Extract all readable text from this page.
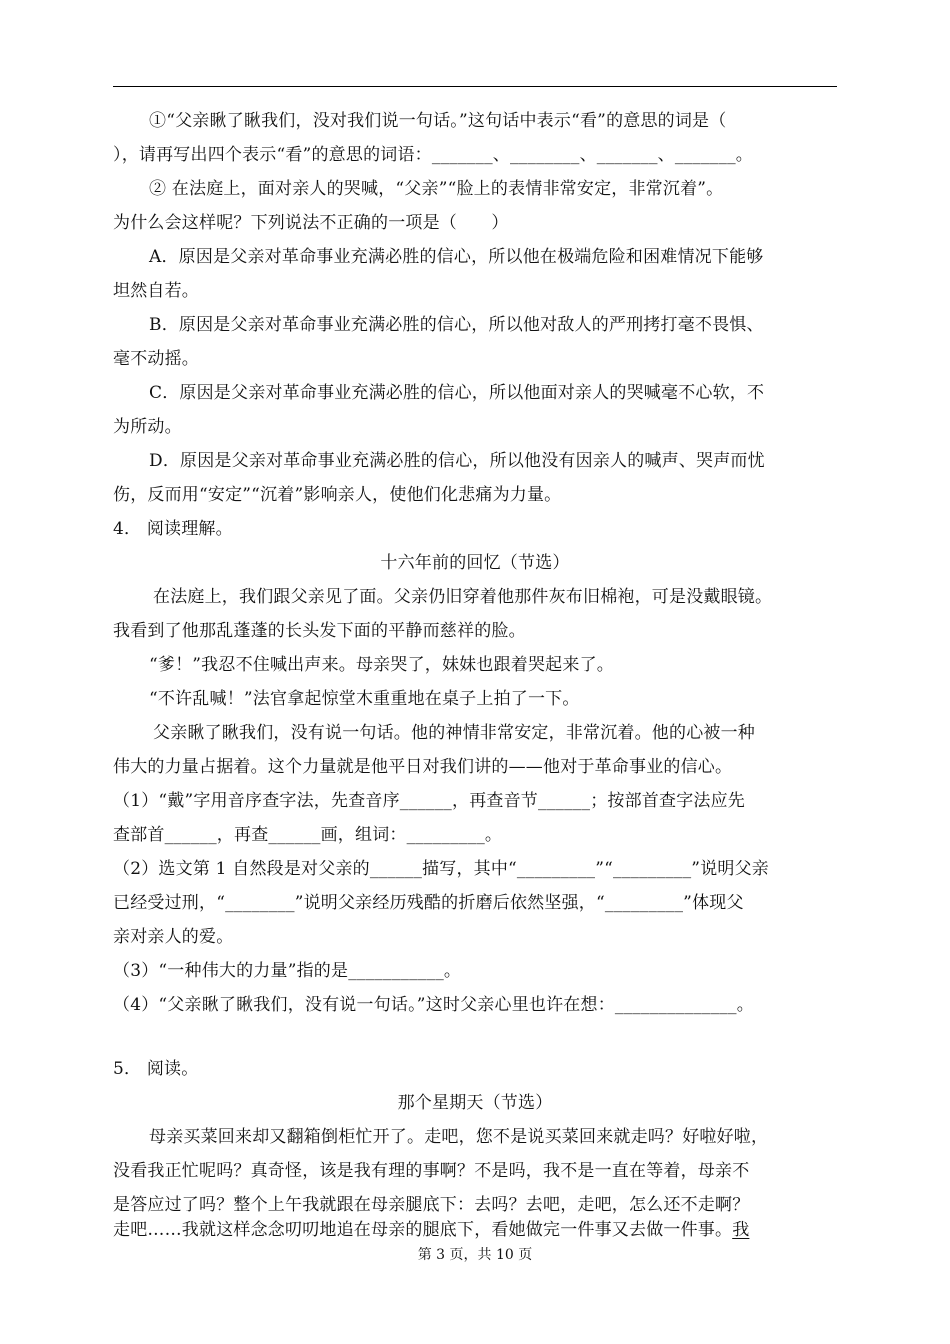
①“父亲瞅了瞅我们，没对我们说一句话。”这句话中表示“看”的意思的词是（
），请再写出四个表示“看”的意思的词语：_______、________、_______、_______。
② 在法庭上，面对亲人的哭喊，“父亲”“脸上的表情非常安定，非常沉着”。
为什么会这样呢？下列说法不正确的一项是（　　）
A．原因是父亲对革命事业充满必胜的信心，所以他在极端危险和困难情况下能够
坦然自若。
B．原因是父亲对革命事业充满必胜的信心，所以他对敌人的严刑拷打毫不畏惧、
毫不动摇。
C．原因是父亲对革命事业充满必胜的信心，所以他面对亲人的哭喊毫不心软，不
为所动。
D．原因是父亲对革命事业充满必胜的信心，所以他没有因亲人的喊声、哭声而忧
伤，反而用“安定”“沉着”影响亲人，使他们化悲痛为力量。
4． 阅读理解。
十六年前的回忆（节选）
在法庭上，我们跟父亲见了面。父亲仍旧穿着他那件灰布旧棉袍，可是没戴眼镜。
我看到了他那乱蓬蓬的长头发下面的平静而慈祥的脸。
“爹！”我忍不住喊出声来。母亲哭了，妹妹也跟着哭起来了。
“不许乱喊！”法官拿起惊堂木重重地在桌子上拍了一下。
父亲瞅了瞅我们，没有说一句话。他的神情非常安定，非常沉着。他的心被一种
伟大的力量占据着。这个力量就是他平日对我们讲的——他对于革命事业的信心。
（1）“戴”字用音序查字法，先查音序______，再查音节______；按部首查字法应先
查部首______，再查______画，组词：_________。
（2）选文第 1 自然段是对父亲的______描写，其中“_________”“_________”说明父亲
已经受过刑，“________”说明父亲经历残酷的折磨后依然坚强，“_________”体现父
亲对亲人的爱。
（3）“一种伟大的力量”指的是___________。
（4）“父亲瞅了瞅我们，没有说一句话。”这时父亲心里也许在想：______________。
5． 阅读。
那个星期天（节选）
母亲买菜回来却又翻箱倒柜忙开了。走吧，您不是说买菜回来就走吗？好啦好啦，
没看我正忙呢吗？真奇怪，该是我有理的事啊？不是吗，我不是一直在等着，母亲不
是答应过了吗？整个上午我就跟在母亲腿底下：去吗？去吧，走吧，怎么还不走啊？
走吧……我就这样念念叨叨地追在母亲的腿底下，看她做完一件事又去做一件事。我
第 3 页，共 10 页
